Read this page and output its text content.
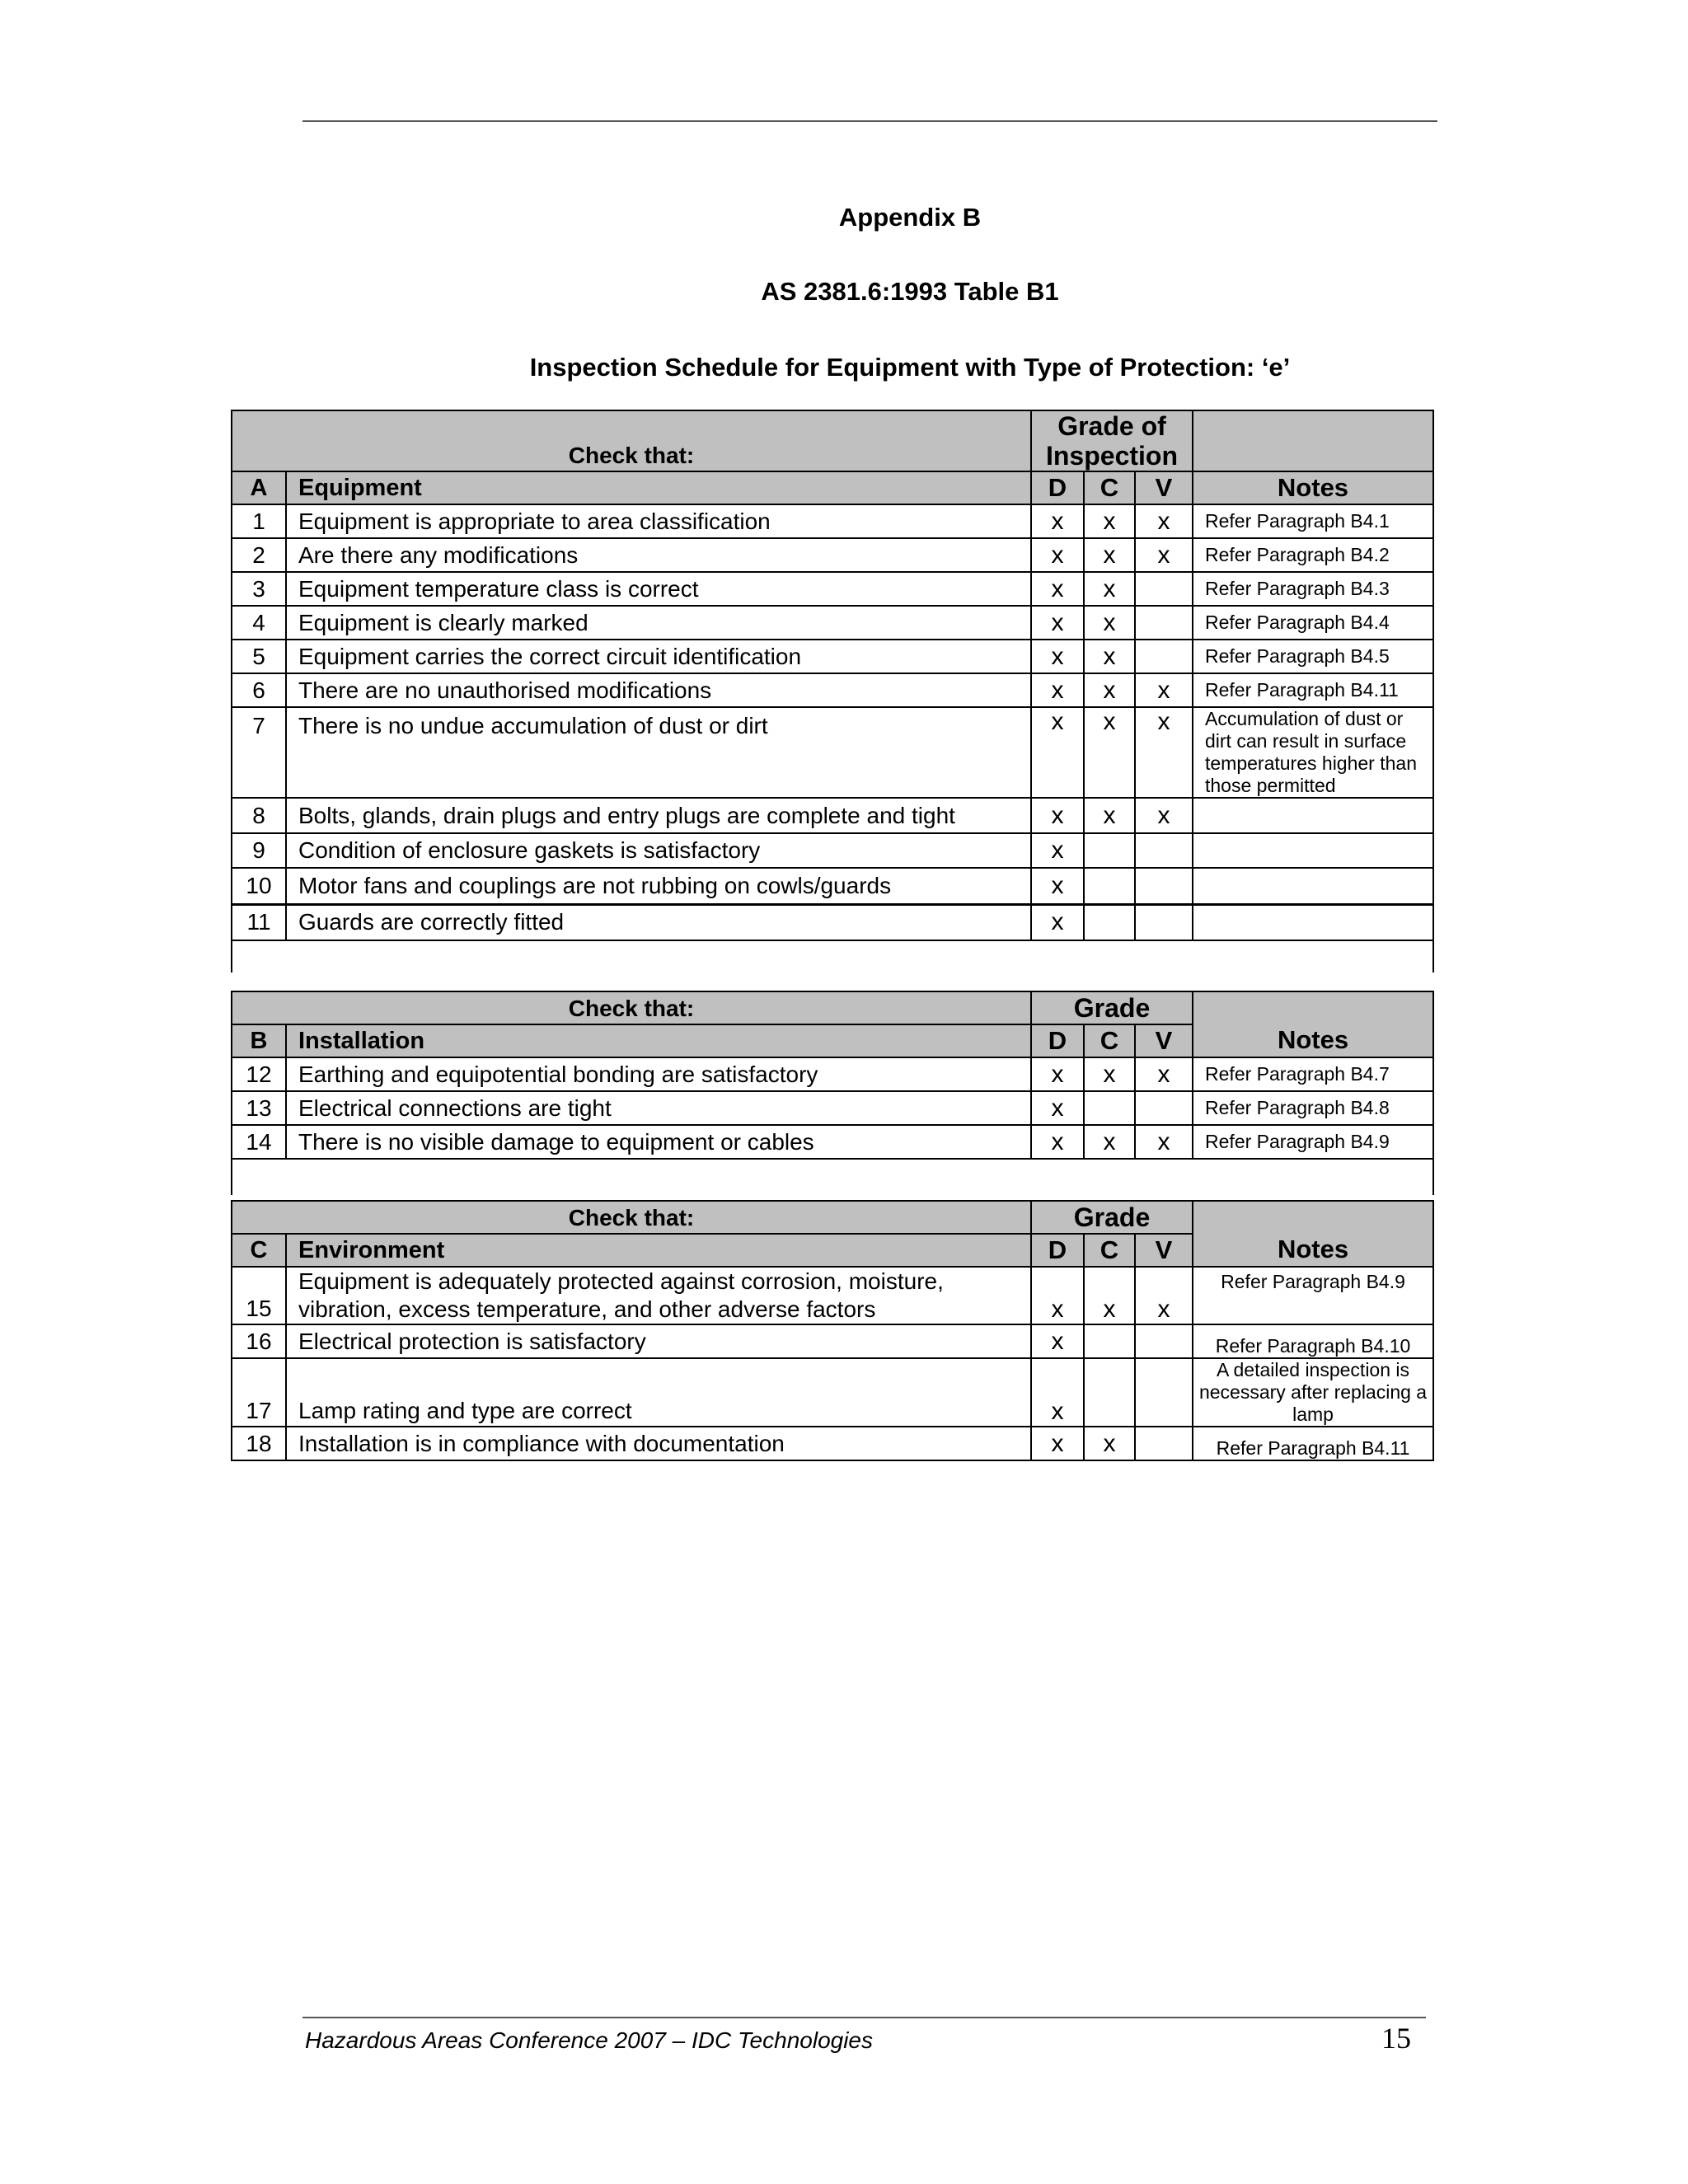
Appendix B
AS 2381.6:1993 Table B1
Inspection Schedule for Equipment with Type of Protection: ‘e’
Check that:		Grade of Inspection			
A	Equipment	D	C	V	Notes
1	Equipment is appropriate to area classification	x	x	x	Refer Paragraph B4.1
2	Are there any modifications	x	x	x	Refer Paragraph B4.2
3	Equipment temperature class is correct	x	x		Refer Paragraph B4.3
4	Equipment is clearly marked	x	x		Refer Paragraph B4.4
5	Equipment carries the correct circuit identification	x	x		Refer Paragraph B4.5
6	There are no unauthorised modifications	x	x	x	Refer Paragraph B4.11
7	There is no undue accumulation of dust or dirt	x	x	x	Accumulation of dust or dirt can result in surface temperatures higher than those permitted
8	Bolts, glands, drain plugs and entry plugs are complete and tight	x	x	x	
9	Condition of enclosure gaskets is satisfactory	x			
10	Motor fans and couplings are not rubbing on cowls/guards	x			
11	Guards are correctly fitted	x			

Check that:		Grade			Notes
B	Installation	D	C	V	
12	Earthing and equipotential bonding are satisfactory	x	x	x	Refer Paragraph B4.7
13	Electrical connections are tight	x			Refer Paragraph B4.8
14	There is no visible damage to equipment or cables	x	x	x	Refer Paragraph B4.9

Check that:		Grade			Notes
C	Environment	D	C	V	
15	Equipment is adequately protected against corrosion, moisture, vibration, excess temperature, and other adverse factors	x	x	x	Refer Paragraph B4.9
16	Electrical protection is satisfactory	x			Refer Paragraph B4.10
17	Lamp rating and type are correct	x			A detailed inspection is necessary after replacing a lamp
18	Installation is in compliance with documentation	x	x		Refer Paragraph B4.11
Hazardous Areas Conference 2007 – IDC Technologies	15
